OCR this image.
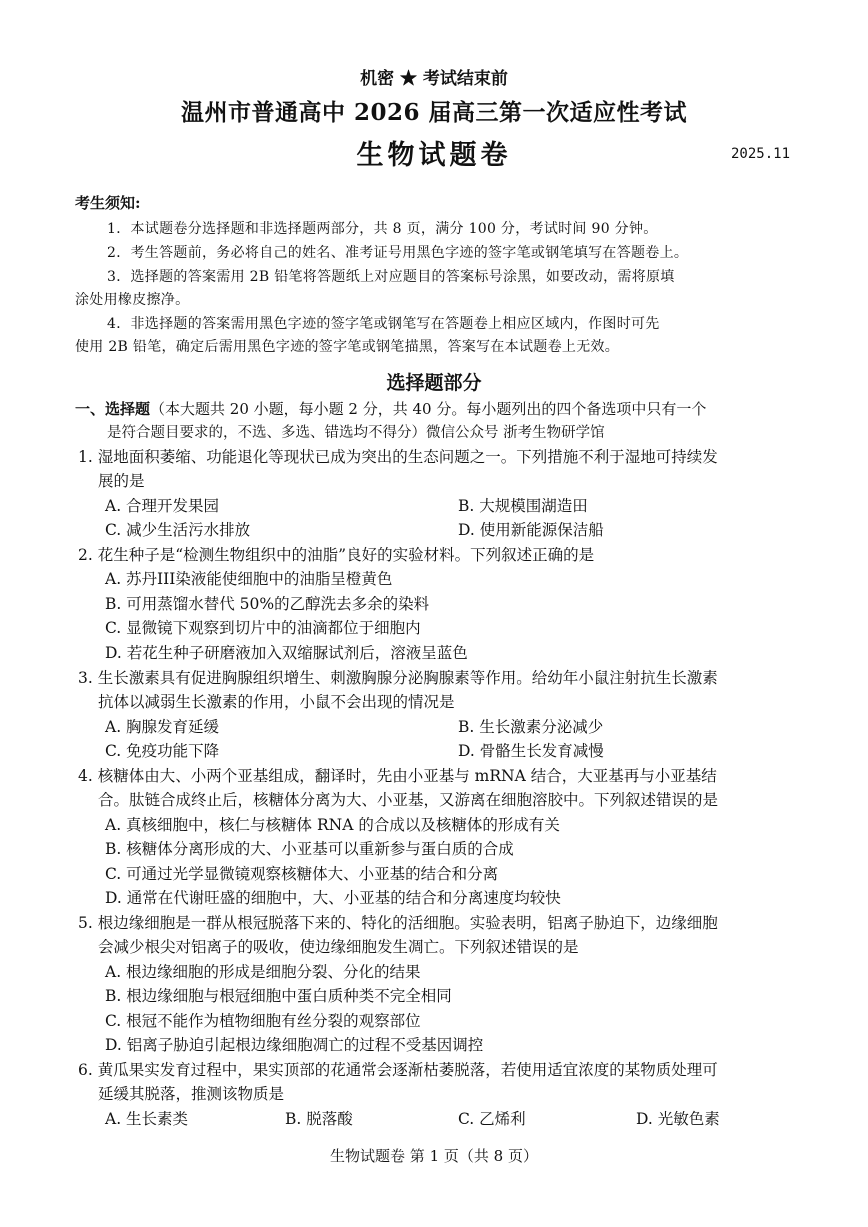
机密 ★ 考试结束前
温州市普通高中 2026 届高三第一次适应性考试
生物试题卷	2025.11
考生须知:
1．本试题卷分选择题和非选择题两部分，共 8 页，满分 100 分，考试时间 90 分钟。
2．考生答题前，务必将自己的姓名、准考证号用黑色字迹的签字笔或钢笔填写在答题卷上。
3．选择题的答案需用 2B 铅笔将答题纸上对应题目的答案标号涂黑，如要改动，需将原填
涂处用橡皮擦净。
4．非选择题的答案需用黑色字迹的签字笔或钢笔写在答题卷上相应区域内，作图时可先
使用 2B 铅笔，确定后需用黑色字迹的签字笔或钢笔描黑，答案写在本试题卷上无效。
选择题部分
一、选择题（本大题共 20 小题，每小题 2 分，共 40 分。每小题列出的四个备选项中只有一个
是符合题目要求的，不选、多选、错选均不得分）微信公众号 浙考生物研学馆
1. 湿地面积萎缩、功能退化等现状已成为突出的生态问题之一。下列措施不利于湿地可持续发
展的是
A. 合理开发果园	B. 大规模围湖造田
C. 减少生活污水排放	D. 使用新能源保洁船
2. 花生种子是“检测生物组织中的油脂”良好的实验材料。下列叙述正确的是
A. 苏丹III染液能使细胞中的油脂呈橙黄色
B. 可用蒸馏水替代 50%的乙醇洗去多余的染料
C. 显微镜下观察到切片中的油滴都位于细胞内
D. 若花生种子研磨液加入双缩脲试剂后，溶液呈蓝色
3. 生长激素具有促进胸腺组织增生、刺激胸腺分泌胸腺素等作用。给幼年小鼠注射抗生长激素
抗体以减弱生长激素的作用，小鼠不会出现的情况是
A. 胸腺发育延缓	B. 生长激素分泌减少
C. 免疫功能下降	D. 骨骼生长发育减慢
4. 核糖体由大、小两个亚基组成，翻译时，先由小亚基与 mRNA 结合，大亚基再与小亚基结
合。肽链合成终止后，核糖体分离为大、小亚基，又游离在细胞溶胶中。下列叙述错误的是
A. 真核细胞中，核仁与核糖体 RNA 的合成以及核糖体的形成有关
B. 核糖体分离形成的大、小亚基可以重新参与蛋白质的合成
C. 可通过光学显微镜观察核糖体大、小亚基的结合和分离
D. 通常在代谢旺盛的细胞中，大、小亚基的结合和分离速度均较快
5. 根边缘细胞是一群从根冠脱落下来的、特化的活细胞。实验表明，铝离子胁迫下，边缘细胞
会减少根尖对铝离子的吸收，使边缘细胞发生凋亡。下列叙述错误的是
A. 根边缘细胞的形成是细胞分裂、分化的结果
B. 根边缘细胞与根冠细胞中蛋白质种类不完全相同
C. 根冠不能作为植物细胞有丝分裂的观察部位
D. 铝离子胁迫引起根边缘细胞凋亡的过程不受基因调控
6. 黄瓜果实发育过程中，果实顶部的花通常会逐渐枯萎脱落，若使用适宜浓度的某物质处理可
延缓其脱落，推测该物质是
A. 生长素类	B. 脱落酸	C. 乙烯利	D. 光敏色素
生物试题卷 第 1 页（共 8 页）
